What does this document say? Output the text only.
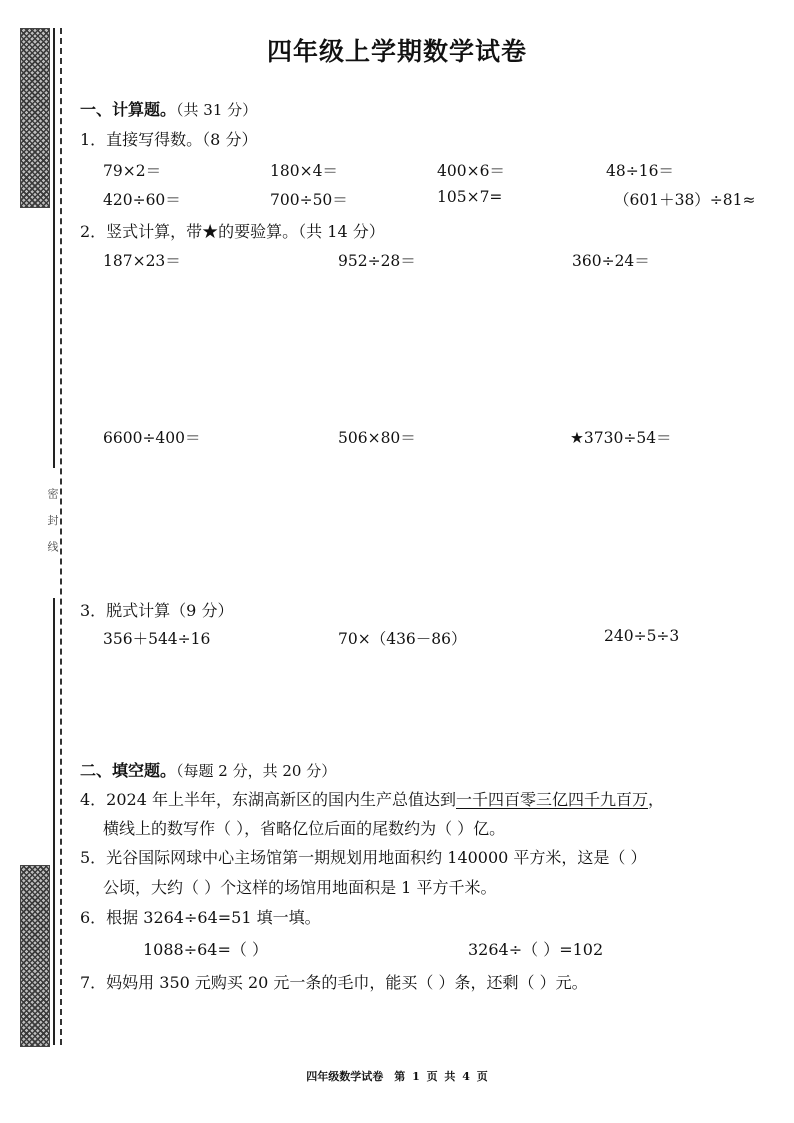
密 封 线
四年级上学期数学试卷
一、计算题。（共 31 分）
1．直接写得数。（8 分）
79×2＝	180×4＝	400×6＝	48÷16＝
420÷60＝	700÷50＝	105×7=	（601＋38）÷81≈
2．竖式计算，带★的要验算。（共 14 分）
187×23＝	952÷28＝	360÷24＝
6600÷400＝	506×80＝	★3730÷54＝
3．脱式计算（9 分）
356＋544÷16	70×（436－86）	240÷5÷3
二、填空题。（每题 2 分，共 20 分）
4．2024 年上半年，东湖高新区的国内生产总值达到一千四百零三亿四千九百万，
横线上的数写作（ ），省略亿位后面的尾数约为（ ）亿。
5．光谷国际网球中心主场馆第一期规划用地面积约 140000 平方米，这是（ ）
公顷，大约（ ）个这样的场馆用地面积是 1 平方千米。
6．根据 3264÷64=51 填一填。
1088÷64=（ ）	3264÷（ ）=102
7．妈妈用 350 元购买 20 元一条的毛巾，能买（ ）条，还剩（ ）元。
四年级数学试卷　第 1 页 共 4 页
